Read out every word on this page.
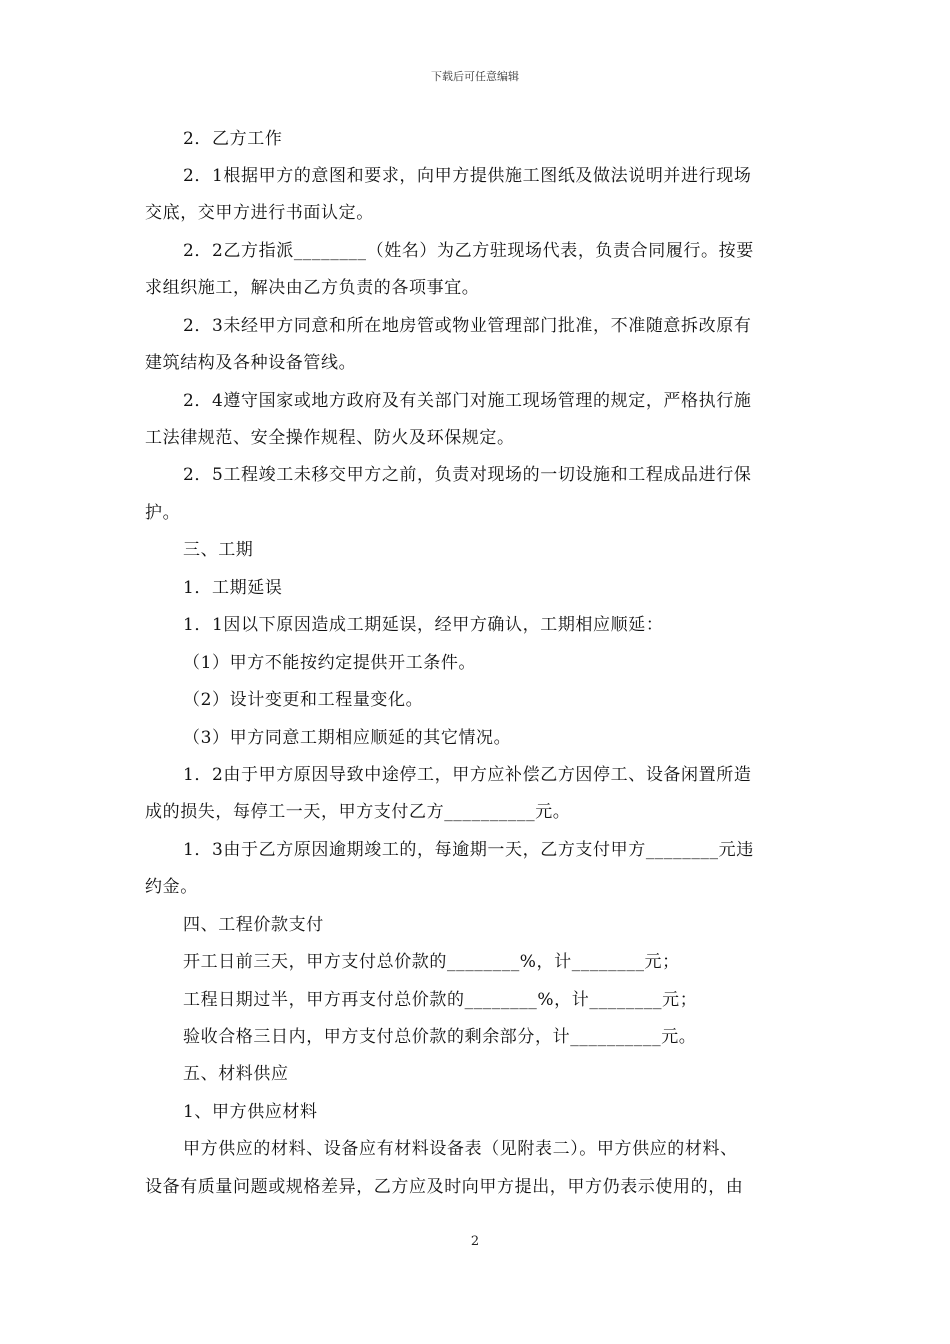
下载后可任意编辑
2．乙方工作
2．1根据甲方的意图和要求，向甲方提供施工图纸及做法说明并进行现场
交底，交甲方进行书面认定。
2．2乙方指派________（姓名）为乙方驻现场代表，负责合同履行。按要
求组织施工，解决由乙方负责的各项事宜。
2．3未经甲方同意和所在地房管或物业管理部门批准，不准随意拆改原有
建筑结构及各种设备管线。
2．4遵守国家或地方政府及有关部门对施工现场管理的规定，严格执行施
工法律规范、安全操作规程、防火及环保规定。
2．5工程竣工未移交甲方之前，负责对现场的一切设施和工程成品进行保
护。
三、工期
1．工期延误
1．1因以下原因造成工期延误，经甲方确认，工期相应顺延：
（1）甲方不能按约定提供开工条件。
（2）设计变更和工程量变化。
（3）甲方同意工期相应顺延的其它情况。
1．2由于甲方原因导致中途停工，甲方应补偿乙方因停工、设备闲置所造
成的损失，每停工一天，甲方支付乙方__________元。
1．3由于乙方原因逾期竣工的，每逾期一天，乙方支付甲方________元违
约金。
四、工程价款支付
开工日前三天，甲方支付总价款的________%，计________元；
工程日期过半，甲方再支付总价款的________%，计________元；
验收合格三日内，甲方支付总价款的剩余部分，计__________元。
五、材料供应
1、甲方供应材料
甲方供应的材料、设备应有材料设备表（见附表二）。甲方供应的材料、
设备有质量问题或规格差异，乙方应及时向甲方提出，甲方仍表示使用的，由
2
